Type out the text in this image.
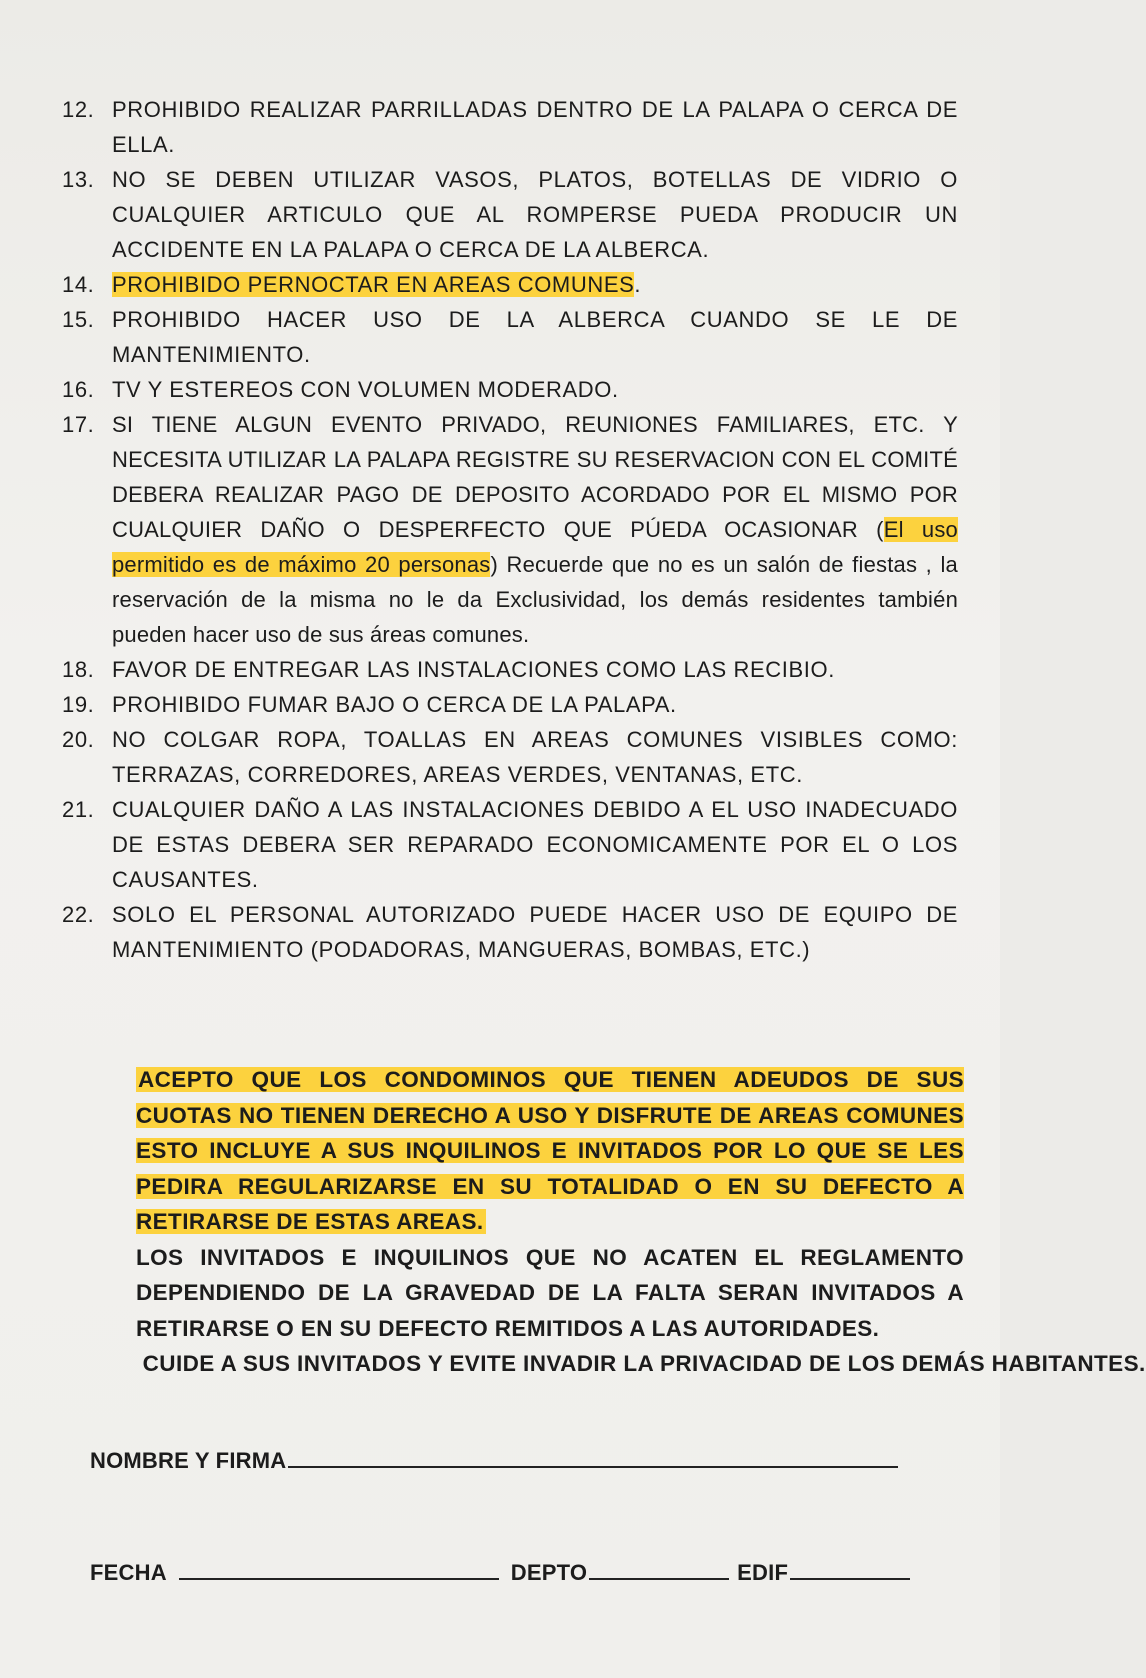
12. PROHIBIDO REALIZAR PARRILLADAS DENTRO DE LA PALAPA O CERCA DE ELLA.
13. NO SE DEBEN UTILIZAR VASOS, PLATOS, BOTELLAS DE VIDRIO O CUALQUIER ARTICULO QUE AL ROMPERSE PUEDA PRODUCIR UN ACCIDENTE EN LA PALAPA O CERCA DE LA ALBERCA.
14. PROHIBIDO PERNOCTAR EN AREAS COMUNES.
15. PROHIBIDO HACER USO DE LA ALBERCA CUANDO SE LE DE MANTENIMIENTO.
16. TV Y ESTEREOS CON VOLUMEN MODERADO.
17. SI TIENE ALGUN EVENTO PRIVADO, REUNIONES FAMILIARES, ETC. Y NECESITA UTILIZAR LA PALAPA REGISTRE SU RESERVACION CON EL COMITÉ DEBERA REALIZAR PAGO DE DEPOSITO ACORDADO POR EL MISMO POR CUALQUIER DAÑO O DESPERFECTO QUE PÚEDA OCASIONAR (El uso permitido es de máximo 20 personas) Recuerde que no es un salón de fiestas , la reservación de la misma no le da Exclusividad, los demás residentes también pueden hacer uso de sus áreas comunes.
18. FAVOR DE ENTREGAR LAS INSTALACIONES COMO LAS RECIBIO.
19. PROHIBIDO FUMAR BAJO O CERCA DE LA PALAPA.
20. NO COLGAR ROPA, TOALLAS EN AREAS COMUNES VISIBLES COMO: TERRAZAS, CORREDORES, AREAS VERDES, VENTANAS, ETC.
21. CUALQUIER DAÑO A LAS INSTALACIONES DEBIDO A EL USO INADECUADO DE ESTAS DEBERA SER REPARADO ECONOMICAMENTE POR EL O LOS CAUSANTES.
22. SOLO EL PERSONAL AUTORIZADO PUEDE HACER USO DE EQUIPO DE MANTENIMIENTO (PODADORAS, MANGUERAS, BOMBAS, ETC.)

ACEPTO QUE LOS CONDOMINOS QUE TIENEN ADEUDOS DE SUS CUOTAS NO TIENEN DERECHO A USO Y DISFRUTE DE AREAS COMUNES ESTO INCLUYE A SUS INQUILINOS E INVITADOS POR LO QUE SE LES PEDIRA REGULARIZARSE EN SU TOTALIDAD O EN SU DEFECTO A RETIRARSE DE ESTAS AREAS.

LOS INVITADOS E INQUILINOS QUE NO ACATEN EL REGLAMENTO DEPENDIENDO DE LA GRAVEDAD DE LA FALTA SERAN INVITADOS A RETIRARSE O EN SU DEFECTO REMITIDOS A LAS AUTORIDADES.

CUIDE A SUS INVITADOS Y EVITE INVADIR LA PRIVACIDAD DE LOS DEMÁS HABITANTES.

NOMBRE Y FIRMA
FECHA	DEPTO	EDIF
